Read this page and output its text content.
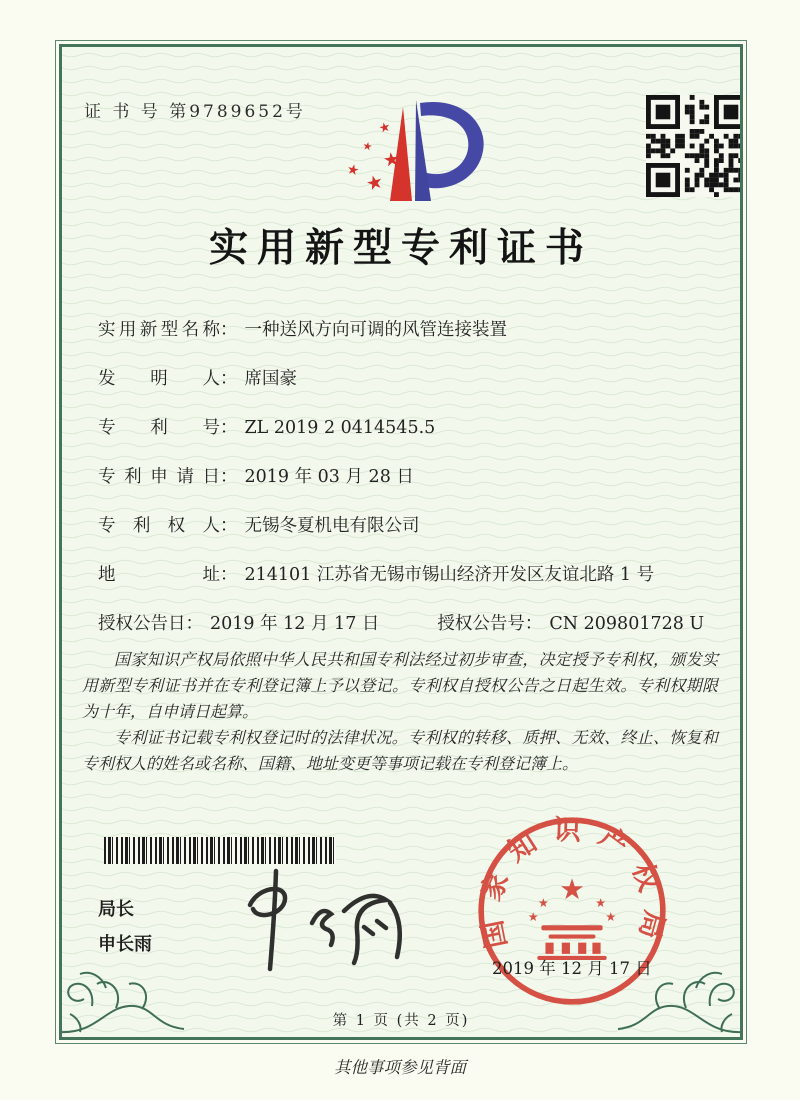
证 书 号 第9789652号
★
★
★
★ ★
实用新型专利证书
实用新型名称 ： 一种送风方向可调的风管连接装置
发明人 ： 席国豪
专利号 ： ZL 2019 2 0414545.5
专利申请日 ： 2019 年 03 月 28 日
专利权人 ： 无锡冬夏机电有限公司
地址 ： 214101 江苏省无锡市锡山经济开发区友谊北路 1 号
授权公告日 ： 2019 年 12 月 17 日	授权公告号 ： CN 209801728 U

国家知识产权局依照中华人民共和国专利法经过初步审查，决定授予专利权，颁发实用新型专利证书并在专利登记簿上予以登记。专利权自授权公告之日起生效。专利权期限为十年，自申请日起算。

专利证书记载专利权登记时的法律状况。专利权的转移、质押、无效、终止、恢复和专利权人的姓名或名称、国籍、地址变更等事项记载在专利登记簿上。

局长
申长雨	国家知识产权局
★
★	★
★	★
2019 年 12 月 17 日
第 1 页 (共 2 页)
其他事项参见背面
